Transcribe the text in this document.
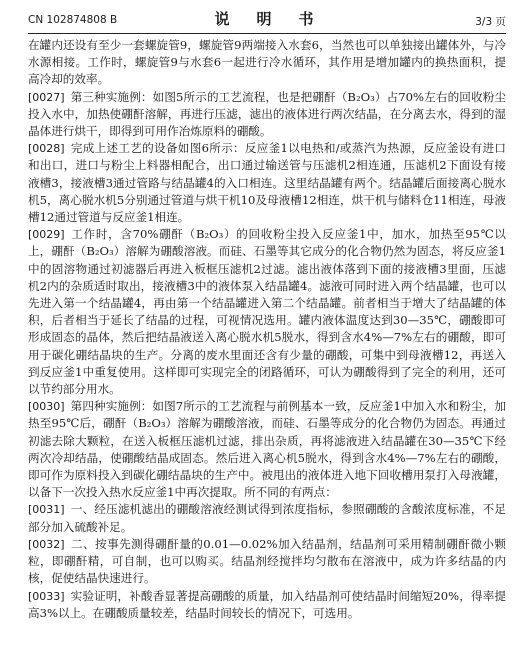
CN 102874808 B	说　明　书	3/3 页

在罐内还设有至少一套螺旋管9，螺旋管9两端接入水套6，当然也可以单独接出罐体外，与冷水源相接。工作时，螺旋管9与水套6一起进行冷水循环，其作用是增加罐内的换热面积，提高冷却的效率。

[0027] 第三种实施例：如图5所示的工艺流程，也是把硼酐（B₂O₃）占70%左右的回收粉尘投入水中，加热使硼酐溶解，再进行压滤，滤出的液体进行两次结晶，在分离去水，得到的湿晶体进行烘干，即得到可用作冶炼原料的硼酸。

[0028] 完成上述工艺的设备如图6所示：反应釜1以电热和/或蒸汽为热源，反应釜设有进口和出口，进口与粉尘上料器相配合，出口通过输送管与压滤机2相连通，压滤机2下面设有接液槽3，接液槽3通过管路与结晶罐4的入口相连。这里结晶罐有两个。结晶罐后面接离心脱水机5，离心脱水机5分别通过管道与烘干机10及母液槽12相连，烘干机与储料仓11相连，母液槽12通过管道与反应釜1相连。

[0029] 工作时，含70%硼酐（B₂O₃）的回收粉尘投入反应釜1中，加水，加热至95℃以上，硼酐（B₂O₃）溶解为硼酸溶液。而硅、石墨等其它成分的化合物仍然为固态，将反应釜1中的固溶物通过初滤器后再进入板框压滤机2过滤。滤出液体落到下面的接液槽3里面，压滤机2内的杂质适时取出，接液槽3中的液体泵入结晶罐4。滤液可同时进入两个结晶罐，也可以先进入第一个结晶罐4，再由第一个结晶罐进入第二个结晶罐。前者相当于增大了结晶罐的体积，后者相当于延长了结晶的过程，可视情况选用。罐内液体温度达到30—35℃，硼酸即可形成固态的晶体，然后把结晶液送入离心脱水机5脱水，得到含水4%—7%左右的硼酸，即可用于碳化硼结晶块的生产。分离的废水里面还含有少量的硼酸，可集中到母液槽12，再送入到反应釜1中重复使用。这样即可实现完全的闭路循环，可认为硼酸得到了完全的利用，还可以节约部分用水。

[0030] 第四种实施例：如图7所示的工艺流程与前例基本一致，反应釜1中加入水和粉尘，加热至95℃后，硼酐（B₂O₃）溶解为硼酸溶液，而硅、石墨等成分的化合物仍为固态。再通过初滤去除大颗粒，在送入板框压滤机过滤，排出杂质，再将滤液进入结晶罐在30—35℃下经两次冷却结晶，使硼酸结晶成固态。然后进入离心机5脱水，得到含水4%—7%左右的硼酸，即可作为原料投入到碳化硼结晶块的生产中。被甩出的液体进入地下回收槽用泵打入母液罐，以备下一次投入热水反应釜1中再次提取。所不同的有两点：

[0031] 一、经压滤机滤出的硼酸溶液经测试得到浓度指标，参照硼酸的含酸浓度标准，不足部分加入硫酸补足。

[0032] 二、按事先测得硼酐量的0.01—0.02%加入结晶剂，结晶剂可采用精制硼酐微小颗粒，即硼酐精，可自制，也可以购买。结晶剂经搅拌均匀散布在溶液中，成为许多结晶的内核，促使结晶快速进行。

[0033] 实验证明，补酸香显著提高硼酸的质量，加入结晶剂可使结晶时间缩短20%，得率提高3%以上。在硼酸质量较差，结晶时间较长的情况下，可选用。
